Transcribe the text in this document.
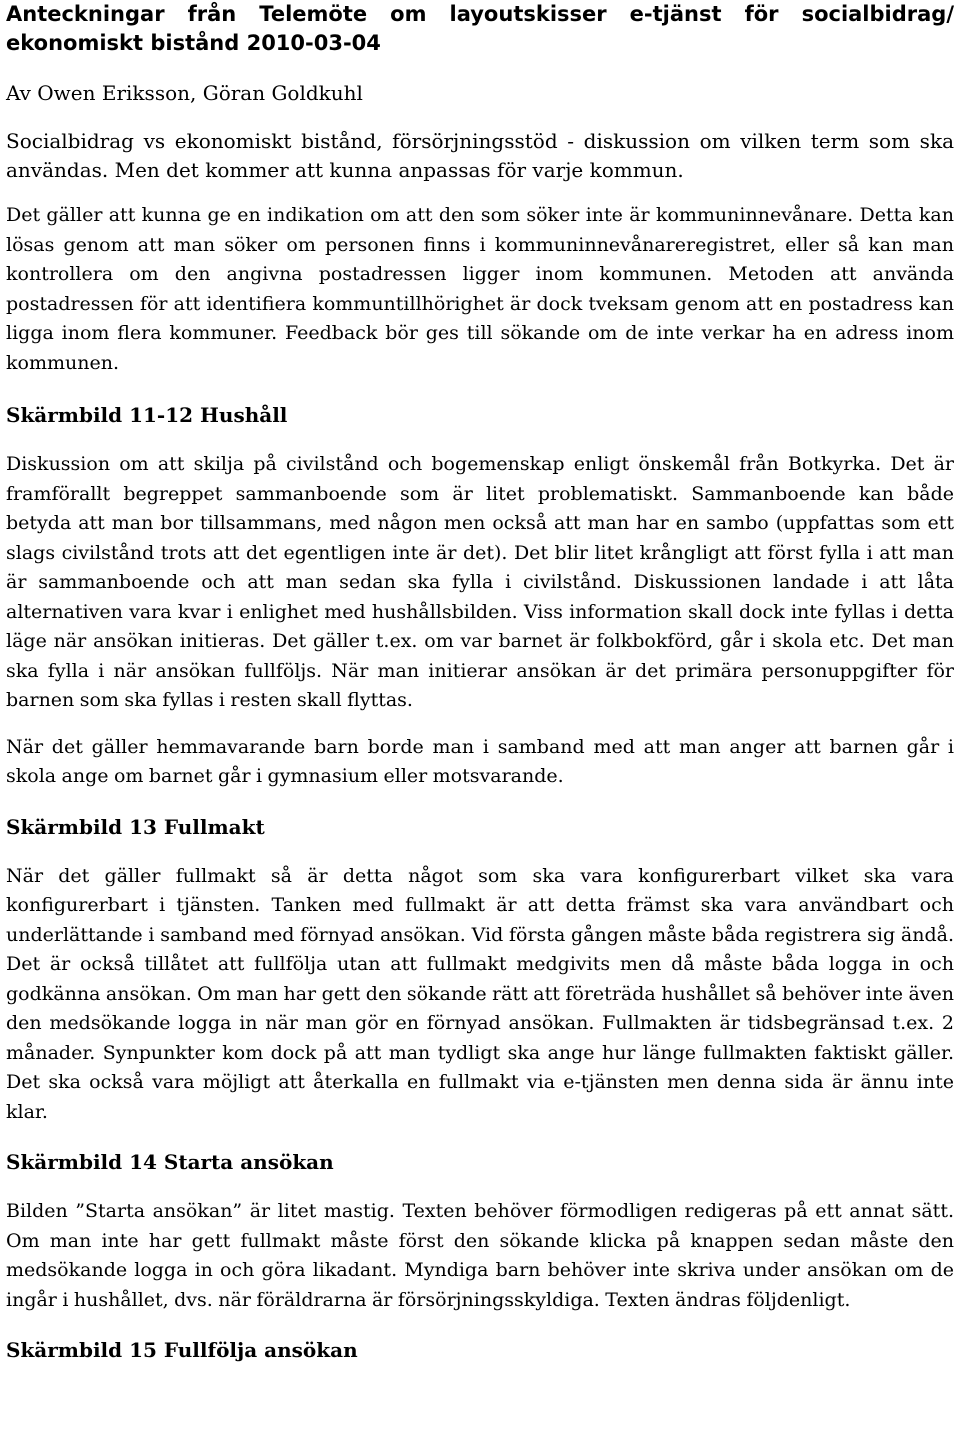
Anteckningar från Telemöte om layoutskisser e-tjänst för socialbidrag/ ekonomiskt bistånd 2010-03-04

Av Owen Eriksson, Göran Goldkuhl

Socialbidrag vs ekonomiskt bistånd, försörjningsstöd - diskussion om vilken term som ska användas. Men det kommer att kunna anpassas för varje kommun.

Det gäller att kunna ge en indikation om att den som söker inte är kommuninnevånare. Detta kan lösas genom att man söker om personen finns i kommuninnevånareregistret, eller så kan man kontrollera om den angivna postadressen ligger inom kommunen. Metoden att använda postadressen för att identifiera kommuntillhörighet är dock tveksam genom att en postadress kan ligga inom flera kommuner. Feedback bör ges till sökande om de inte verkar ha en adress inom kommunen.

Skärmbild 11-12 Hushåll

Diskussion om att skilja på civilstånd och bogemenskap enligt önskemål från Botkyrka. Det är framförallt begreppet sammanboende som är litet problematiskt. Sammanboende kan både betyda att man bor tillsammans, med någon men också att man har en sambo (uppfattas som ett slags civilstånd trots att det egentligen inte är det). Det blir litet krångligt att först fylla i att man är sammanboende och att man sedan ska fylla i civilstånd. Diskussionen landade i att låta alternativen vara kvar i enlighet med hushållsbilden. Viss information skall dock inte fyllas i detta läge när ansökan initieras. Det gäller t.ex. om var barnet är folkbokförd, går i skola etc. Det man ska fylla i när ansökan fullföljs. När man initierar ansökan är det primära personuppgifter för barnen som ska fyllas i resten skall flyttas.

När det gäller hemmavarande barn borde man i samband med att man anger att barnen går i skola ange om barnet går i gymnasium eller motsvarande.

Skärmbild 13 Fullmakt

När det gäller fullmakt så är detta något som ska vara konfigurerbart vilket ska vara konfigurerbart i tjänsten. Tanken med fullmakt är att detta främst ska vara användbart och underlättande i samband med förnyad ansökan. Vid första gången måste båda registrera sig ändå. Det är också tillåtet att fullfölja utan att fullmakt medgivits men då måste båda logga in och godkänna ansökan. Om man har gett den sökande rätt att företräda hushållet så behöver inte även den medsökande logga in när man gör en förnyad ansökan. Fullmakten är tidsbegränsad t.ex. 2 månader. Synpunkter kom dock på att man tydligt ska ange hur länge fullmakten faktiskt gäller. Det ska också vara möjligt att återkalla en fullmakt via e-tjänsten men denna sida är ännu inte klar.

Skärmbild 14 Starta ansökan

Bilden ”Starta ansökan” är litet mastig. Texten behöver förmodligen redigeras på ett annat sätt. Om man inte har gett fullmakt måste först den sökande klicka på knappen sedan måste den medsökande logga in och göra likadant. Myndiga barn behöver inte skriva under ansökan om de ingår i hushållet, dvs. när föräldrarna är försörjningsskyldiga. Texten ändras följdenligt.

Skärmbild 15 Fullfölja ansökan
